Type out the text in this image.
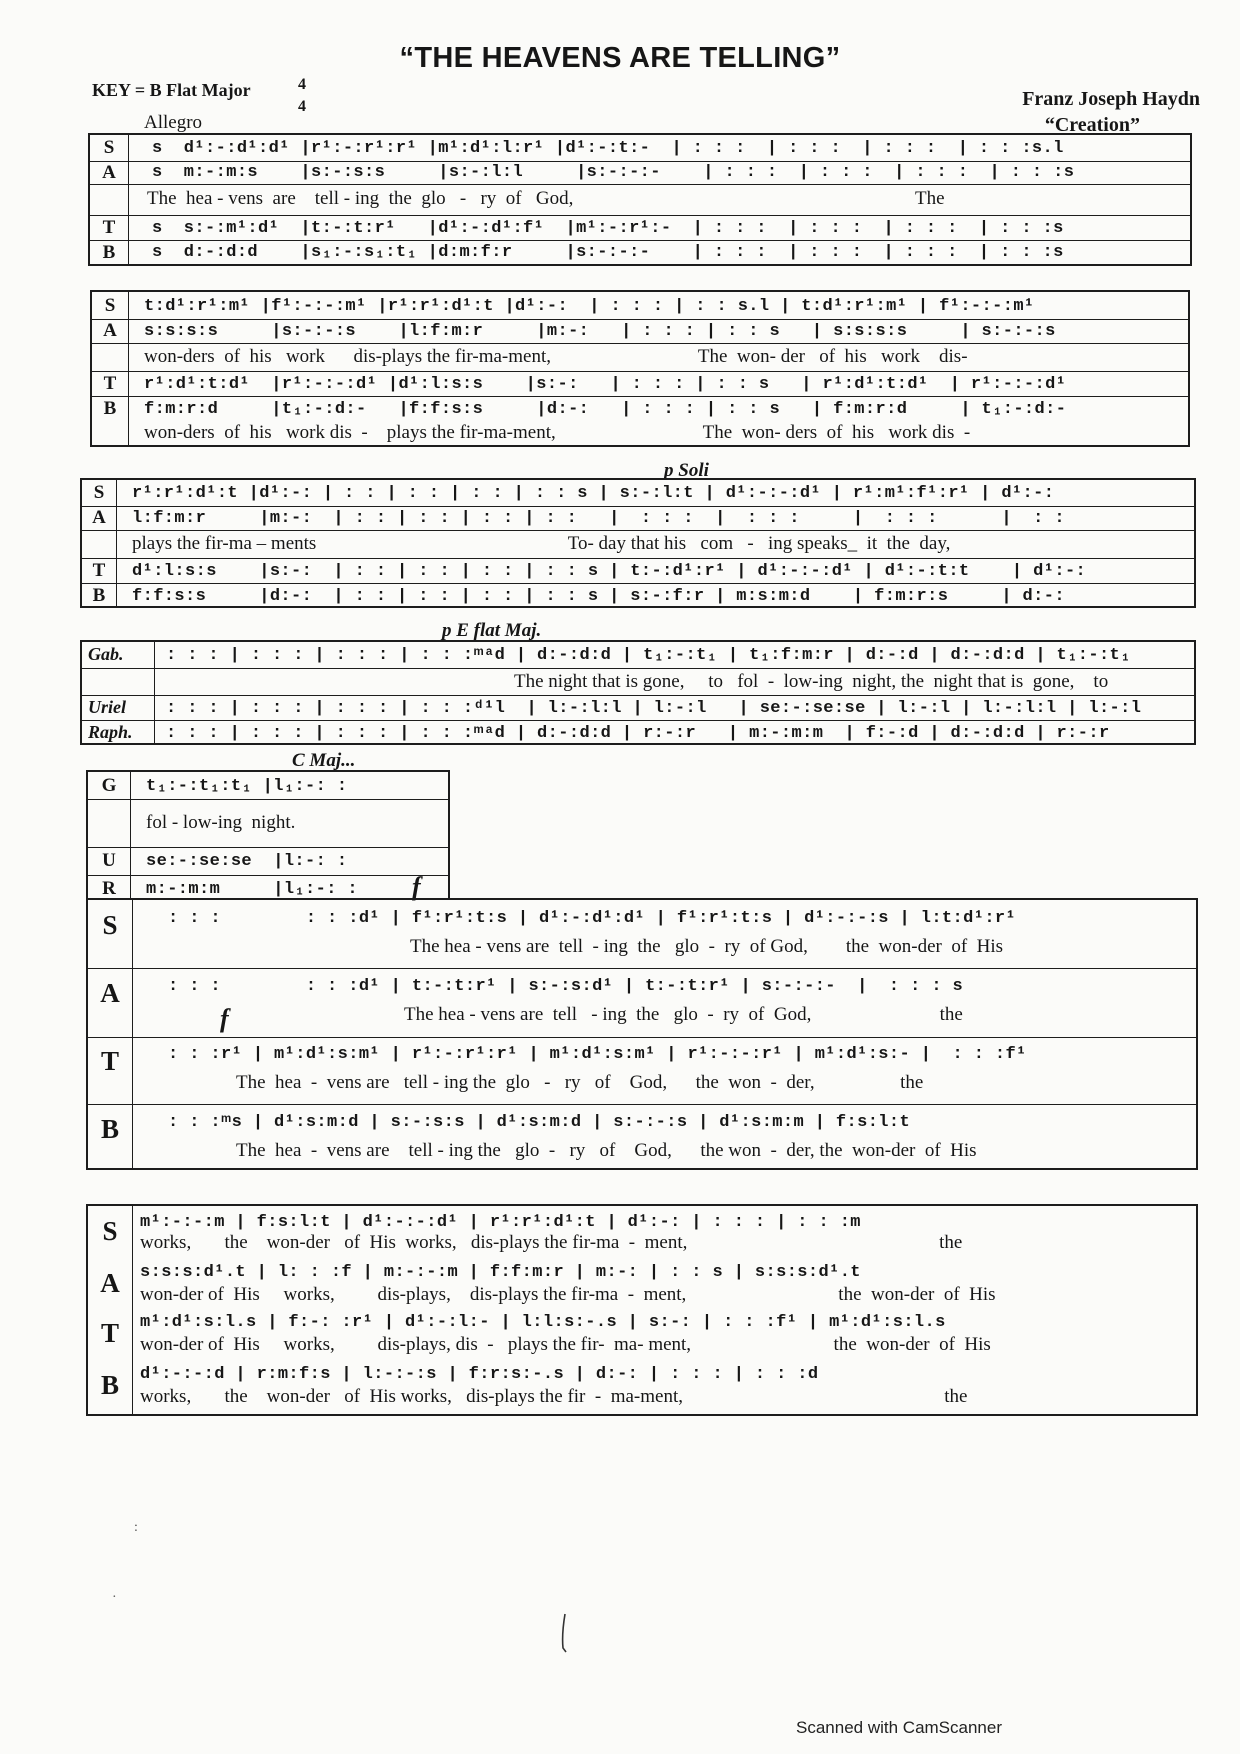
“THE HEAVENS ARE TELLING”
KEY = B Flat Major	4
4
Allegro
Franz Joseph Haydn
“Creation”
S
A
T
B
s  d¹:-:d¹:d¹ |r¹:-:r¹:r¹ |m¹:d¹:l:r¹ |d¹:-:t:-  | : : :  | : : :  | : : :  | : : :s.l
s  m:-:m:s    |s:-:s:s     |s:-:l:l     |s:-:-:-    | : : :  | : : :  | : : :  | : : :s
The  hea - vens  are    tell - ing  the  glo   -   ry  of   God,                                                                        The
s  s:-:m¹:d¹  |t:-:t:r¹   |d¹:-:d¹:f¹  |m¹:-:r¹:-  | : : :  | : : :  | : : :  | : : :s
s  d:-:d:d    |s₁:-:s₁:t₁ |d:m:f:r     |s:-:-:-    | : : :  | : : :  | : : :  | : : :s
S
A
T
B
t:d¹:r¹:m¹ |f¹:-:-:m¹ |r¹:r¹:d¹:t |d¹:-:  | : : : | : : s.l | t:d¹:r¹:m¹ | f¹:-:-:m¹
s:s:s:s     |s:-:-:s    |l:f:m:r     |m:-:   | : : : | : : s   | s:s:s:s     | s:-:-:s
won-ders  of  his   work      dis-plays the fir-ma-ment,                               The  won- der   of  his   work    dis-
r¹:d¹:t:d¹  |r¹:-:-:d¹ |d¹:l:s:s    |s:-:   | : : : | : : s   | r¹:d¹:t:d¹  | r¹:-:-:d¹
f:m:r:d     |t₁:-:d:-   |f:f:s:s     |d:-:   | : : : | : : s   | f:m:r:d     | t₁:-:d:-
won-ders  of  his   work dis  -    plays the fir-ma-ment,                               The  won- ders  of  his   work dis  -
p Soli
S
A
T
B
r¹:r¹:d¹:t |d¹:-: | : : | : : | : : | : : s | s:-:l:t | d¹:-:-:d¹ | r¹:m¹:f¹:r¹ | d¹:-:
l:f:m:r     |m:-:  | : : | : : | : : | : :   |  : : :  |  : : :     |  : : :      |  : :
plays the fir-ma – ments                                                     To- day that his   com   -   ing speaks_  it  the  day,
d¹:l:s:s    |s:-:  | : : | : : | : : | : : s | t:-:d¹:r¹ | d¹:-:-:d¹ | d¹:-:t:t    | d¹:-:
f:f:s:s     |d:-:  | : : | : : | : : | : : s | s:-:f:r | m:s:m:d    | f:m:r:s     | d:-:
p E flat Maj.
Gab.
Uriel
Raph.
: : : | : : : | : : : | : : :ᵐᵃd | d:-:d:d | t₁:-:t₁ | t₁:f:m:r | d:-:d | d:-:d:d | t₁:-:t₁
The night that is gone,     to   fol  -  low-ing  night, the  night that is  gone,    to
: : : | : : : | : : : | : : :ᵈ¹l  | l:-:l:l | l:-:l   | se:-:se:se | l:-:l | l:-:l:l | l:-:l
: : : | : : : | : : : | : : :ᵐᵃd | d:-:d:d | r:-:r   | m:-:m:m  | f:-:d | d:-:d:d | r:-:r
C Maj...
G
U
R
t₁:-:t₁:t₁ |l₁:-: :
fol - low-ing  night.
se:-:se:se  |l:-: :
m:-:m:m     |l₁:-: : f
f
S
A
T
B
: : :        : : :d¹ | f¹:r¹:t:s | d¹:-:d¹:d¹ | f¹:r¹:t:s | d¹:-:-:s | l:t:d¹:r¹
The hea - vens are  tell  - ing  the   glo  -  ry  of God,        the  won-der  of  His
: : :        : : :d¹ | t:-:t:r¹ | s:-:s:d¹ | t:-:t:r¹ | s:-:-:-  |  : : : s
The hea - vens are  tell   - ing  the   glo  -  ry  of  God,                           the
: : :r¹ | m¹:d¹:s:m¹ | r¹:-:r¹:r¹ | m¹:d¹:s:m¹ | r¹:-:-:r¹ | m¹:d¹:s:- |  : : :f¹
The  hea  -  vens are   tell - ing the  glo   -   ry   of    God,      the  won  -  der,                  the
: : :ᵐs | d¹:s:m:d | s:-:s:s | d¹:s:m:d | s:-:-:s | d¹:s:m:m | f:s:l:t
The  hea  -  vens are    tell - ing the   glo  -   ry   of    God,      the won  -  der, the  won-der  of  His
S
A
T
B
m¹:-:-:m | f:s:l:t | d¹:-:-:d¹ | r¹:r¹:d¹:t | d¹:-: | : : : | : : :m
works,       the    won-der   of  His  works,   dis-plays the fir-ma  -  ment,                                                     the
s:s:s:d¹.t | l: : :f | m:-:-:m | f:f:m:r | m:-: | : : s | s:s:s:d¹.t
won-der of  His     works,         dis-plays,    dis-plays the fir-ma  -  ment,                                the  won-der  of  His
m¹:d¹:s:l.s | f:-: :r¹ | d¹:-:l:- | l:l:s:-.s | s:-: | : : :f¹ | m¹:d¹:s:l.s
won-der of  His     works,         dis-plays, dis  -   plays the fir-  ma- ment,                              the  won-der  of  His
d¹:-:-:d | r:m:f:s | l:-:-:s | f:r:s:-.s | d:-: | : : : | : : :d
works,       the    won-der   of  His works,   dis-plays the fir  -  ma-ment,                                                       the
:
·
Scanned with CamScanner
